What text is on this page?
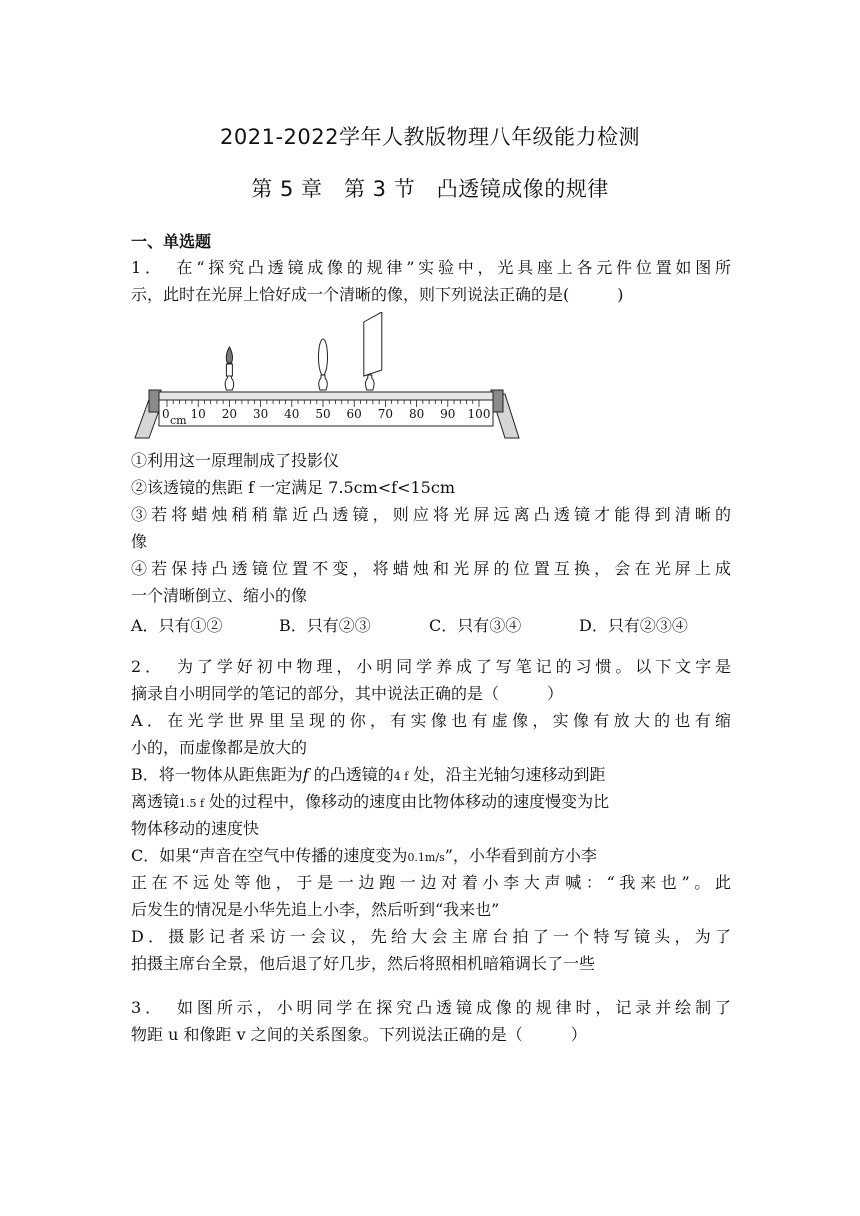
2021-2022学年人教版物理八年级能力检测
第 5 章　第 3 节　凸透镜成像的规律
一、单选题
1．　在“探究凸透镜成像的规律”实验中，光具座上各元件位置如图所
示，此时在光屏上恰好成一个清晰的像，则下列说法正确的是(　　　)
0 10 20 30 40 50 60 70 80 90 100
cm
①利用这一原理制成了投影仪
②该透镜的焦距 f 一定满足 7.5cm<f<15cm
③若将蜡烛稍稍靠近凸透镜，则应将光屏远离凸透镜才能得到清晰的
像
④若保持凸透镜位置不变，将蜡烛和光屏的位置互换，会在光屏上成
一个清晰倒立、缩小的像
A．只有①②	B．只有②③	C．只有③④	D．只有②③④
2．　为了学好初中物理，小明同学养成了写笔记的习惯。以下文字是
摘录自小明同学的笔记的部分，其中说法正确的是（　　　）
A．在光学世界里呈现的你，有实像也有虚像，实像有放大的也有缩
小的，而虚像都是放大的
B．将一物体从距焦距为f 的凸透镜的4 f 处，沿主光轴匀速移动到距
离透镜1.5 f 处的过程中，像移动的速度由比物体移动的速度慢变为比
物体移动的速度快
C．如果“声音在空气中传播的速度变为0.1m/s”，小华看到前方小李
正在不远处等他，于是一边跑一边对着小李大声喊：“我来也”。此
后发生的情况是小华先追上小李，然后听到“我来也”
D．摄影记者采访一会议，先给大会主席台拍了一个特写镜头，为了
拍摄主席台全景，他后退了好几步，然后将照相机暗箱调长了一些
3．　如图所示，小明同学在探究凸透镜成像的规律时，记录并绘制了
物距 u 和像距 v 之间的关系图象。下列说法正确的是（　　　）
